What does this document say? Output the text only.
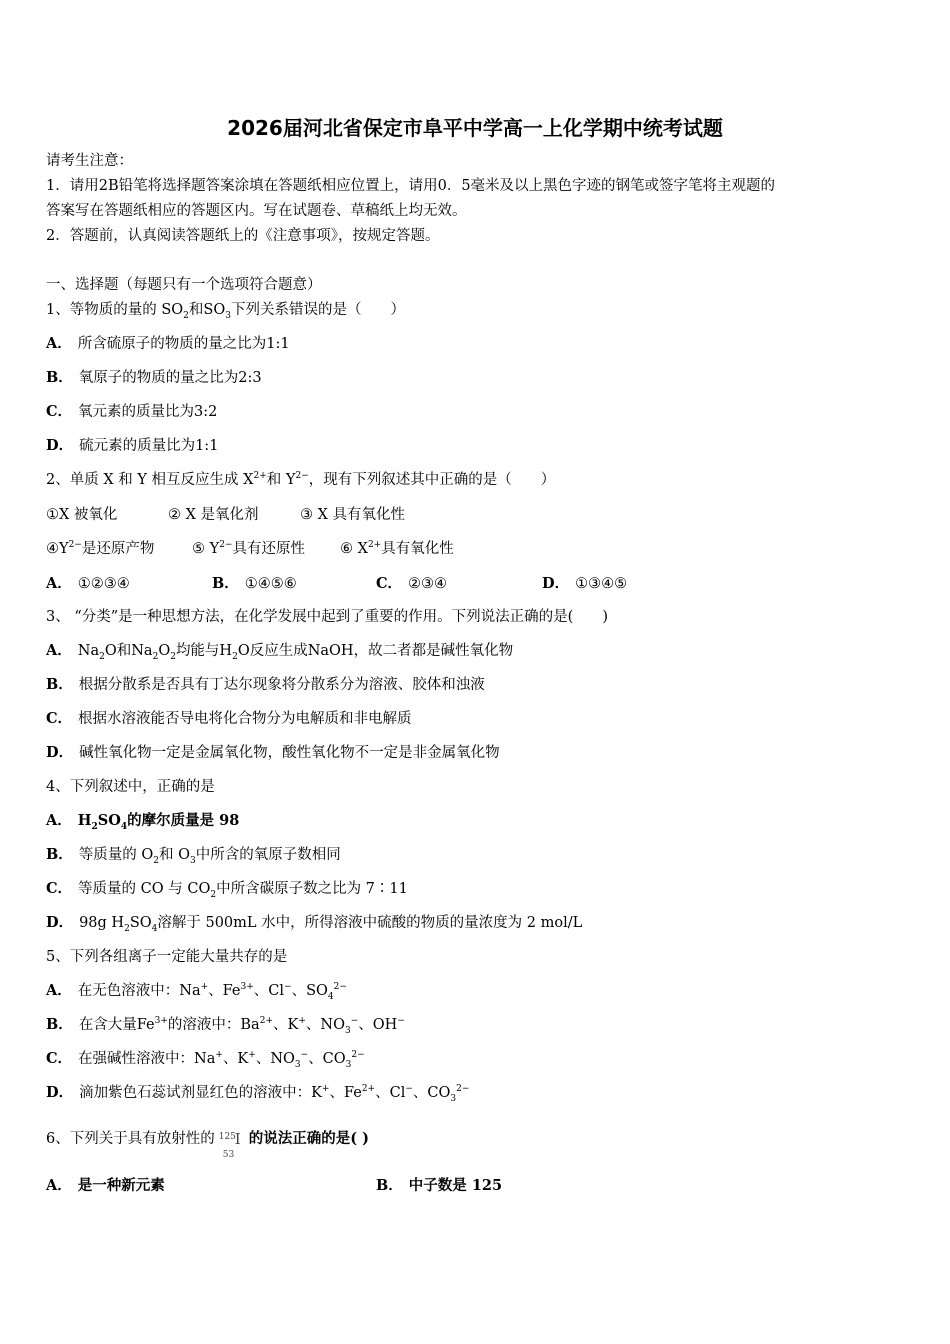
2026届河北省保定市阜平中学高一上化学期中统考试题
请考生注意：
1．请用2B铅笔将选择题答案涂填在答题纸相应位置上，请用0．5毫米及以上黑色字迹的钢笔或签字笔将主观题的
答案写在答题纸相应的答题区内。写在试题卷、草稿纸上均无效。
2．答题前，认真阅读答题纸上的《注意事项》，按规定答题。
一、选择题（每题只有一个选项符合题意）
1、等物质的量的 $SO_2$和$SO_3$下列关系错误的是（　　）
A． 所含硫原子的物质的量之比为1:1
B． 氧原子的物质的量之比为2:3
C． 氧元素的质量比为3:2
D． 硫元素的质量比为1:1
2、单质 X 和 Y 相互反应生成 $X^{2+}$和 $Y^{2-}$，现有下列叙述其中正确的是（　　）
①X 被氧化	② X 是氧化剂	③ X 具有氧化性
$④Y^{2-}$是还原产物	⑤ $Y^{2-}$具有还原性 ⑥ $X^{2+}$具有氧化性
A． ①②③④	B． ①④⑤⑥	C． ②③④	D． ①③④⑤
3、 “分类”是一种思想方法，在化学发展中起到了重要的作用。下列说法正确的是(　　)
A． $Na_2O$和$Na_2O_2$均能与$H_2O$反应生成NaOH，故二者都是碱性氧化物
B． 根据分散系是否具有丁达尔现象将分散系分为溶液、胶体和浊液
C． 根据水溶液能否导电将化合物分为电解质和非电解质
D． 碱性氧化物一定是金属氧化物，酸性氧化物不一定是非金属氧化物
4、下列叙述中，正确的是
A． $H_2SO_4$的摩尔质量是 98
B． 等质量的 $O_2$和 $O_3$中所含的氧原子数相同
C． 等质量的 CO 与 $CO_2$中所含碳原子数之比为 7∶11
D． 98g $H_2SO_4$溶解于 500mL 水中，所得溶液中硫酸的物质的量浓度为 2 mol/L
5、下列各组离子一定能大量共存的是
A． 在无色溶液中：Na+、$Fe^{3+}$、Cl−、$SO_4^{2-}$
B． 在含大量$Fe^{3+}$的溶液中：$Ba^{2+}$、K+、$NO_3^-$、OH−
C． 在强碱性溶液中：Na+、K+、$NO_3^-$、$CO_3^{2-}$
D． 滴加紫色石蕊试剂显红色的溶液中：K+、$Fe^{2+}$、Cl−、$CO_3^{2-}$
6、下列关于具有放射性的 125
53
I 的说法正确的是( )
A． 是一种新元素	B． 中子数是 125
